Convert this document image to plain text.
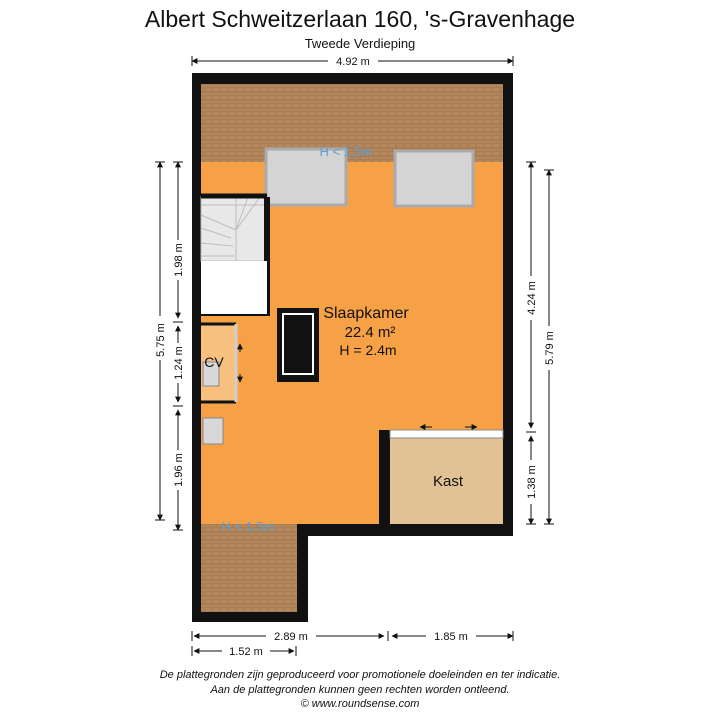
Albert Schweitzerlaan 160, 's-Gravenhage
Tweede Verdieping
H < 1.5m
H < 1.5m
Slaapkamer
22.4 m²
H = 2.4m
CV
Kast
4.92 m
5.75 m
1.98 m
1.24 m
1.96 m
4.24 m
1.38 m
5.79 m
2.89 m	1.85 m
1.52 m
De plattegronden zijn geproduceerd voor promotionele doeleinden en ter indicatie.
Aan de plattegronden kunnen geen rechten worden ontleend.
© www.roundsense.com
